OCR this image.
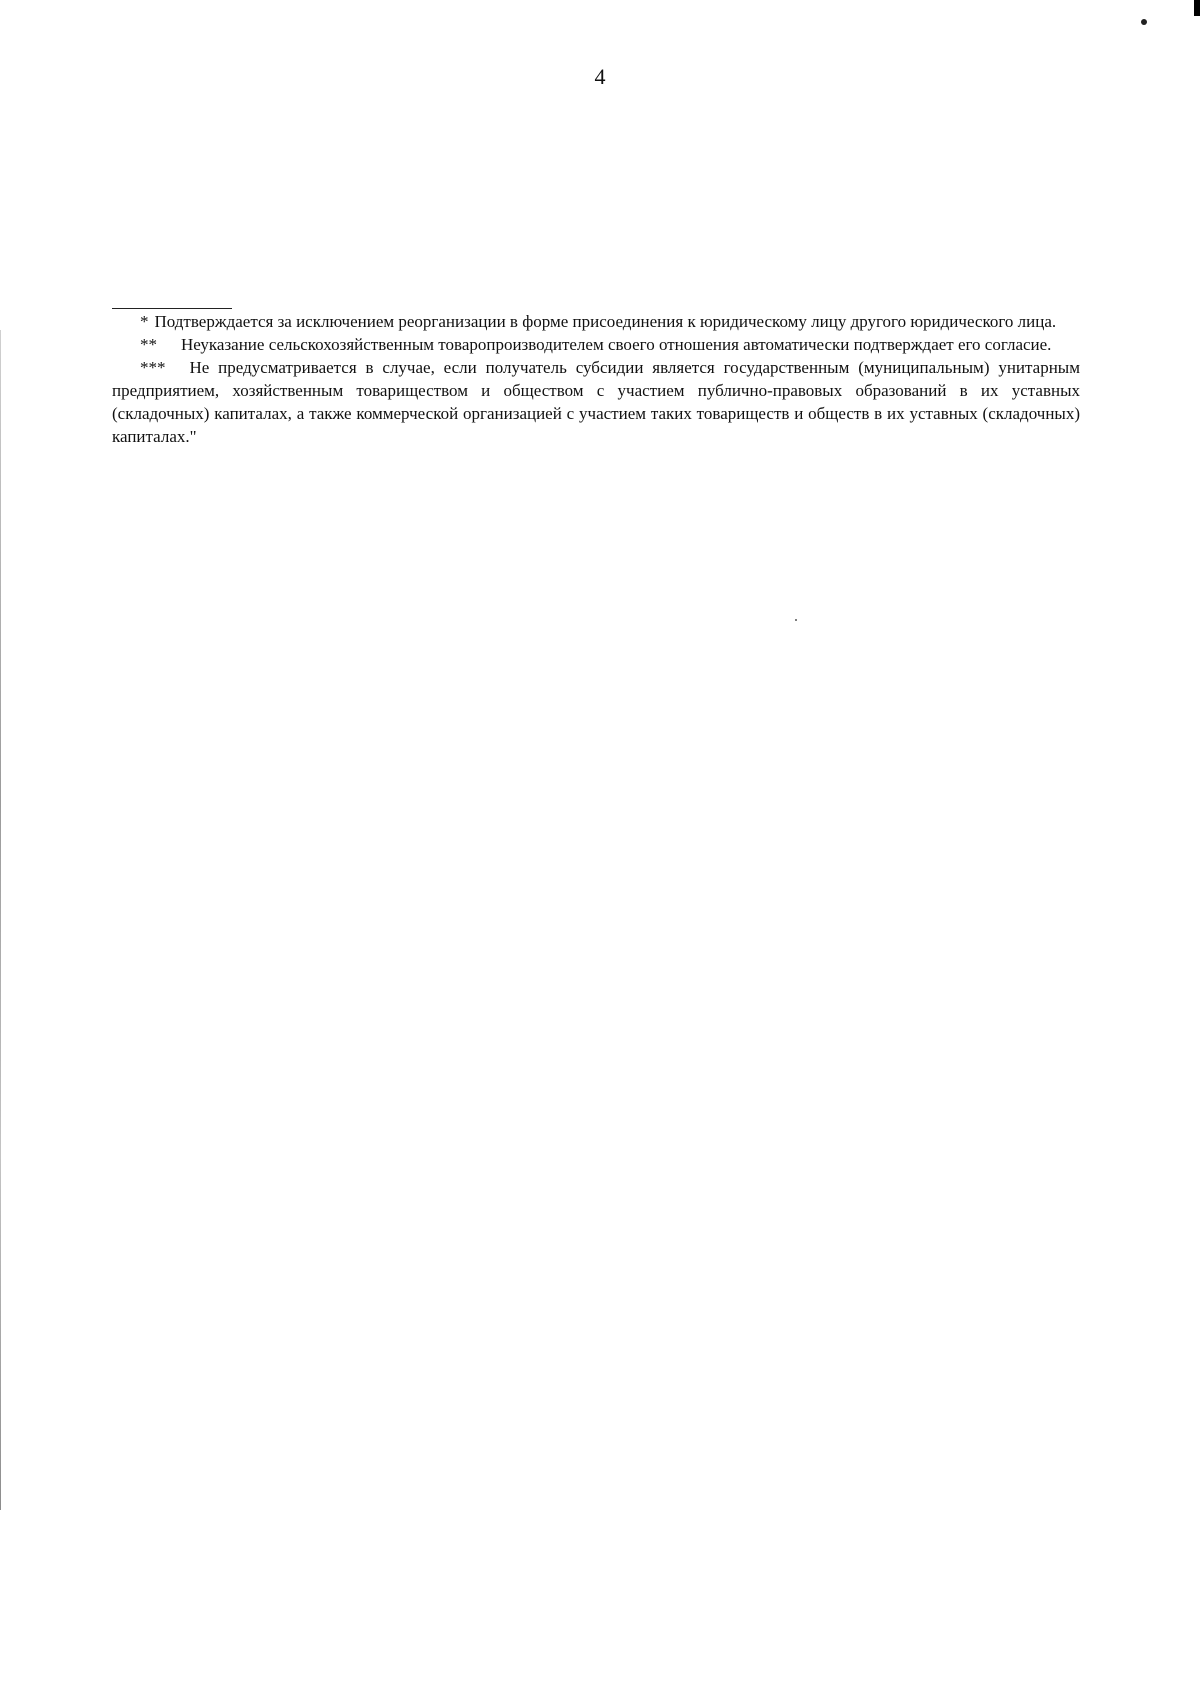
4

* Подтверждается за исключением реорганизации в форме присоединения к юридическому лицу другого юридического лица.

** Неуказание сельскохозяйственным товаропроизводителем своего отношения автоматически подтверждает его согласие.

*** Не предусматривается в случае, если получатель субсидии является государственным (муниципальным) унитарным предприятием, хозяйственным товариществом и обществом с участием публично-правовых образований в их уставных (складочных) капиталах, а также коммерческой организацией с участием таких товариществ и обществ в их уставных (складочных) капиталах."
